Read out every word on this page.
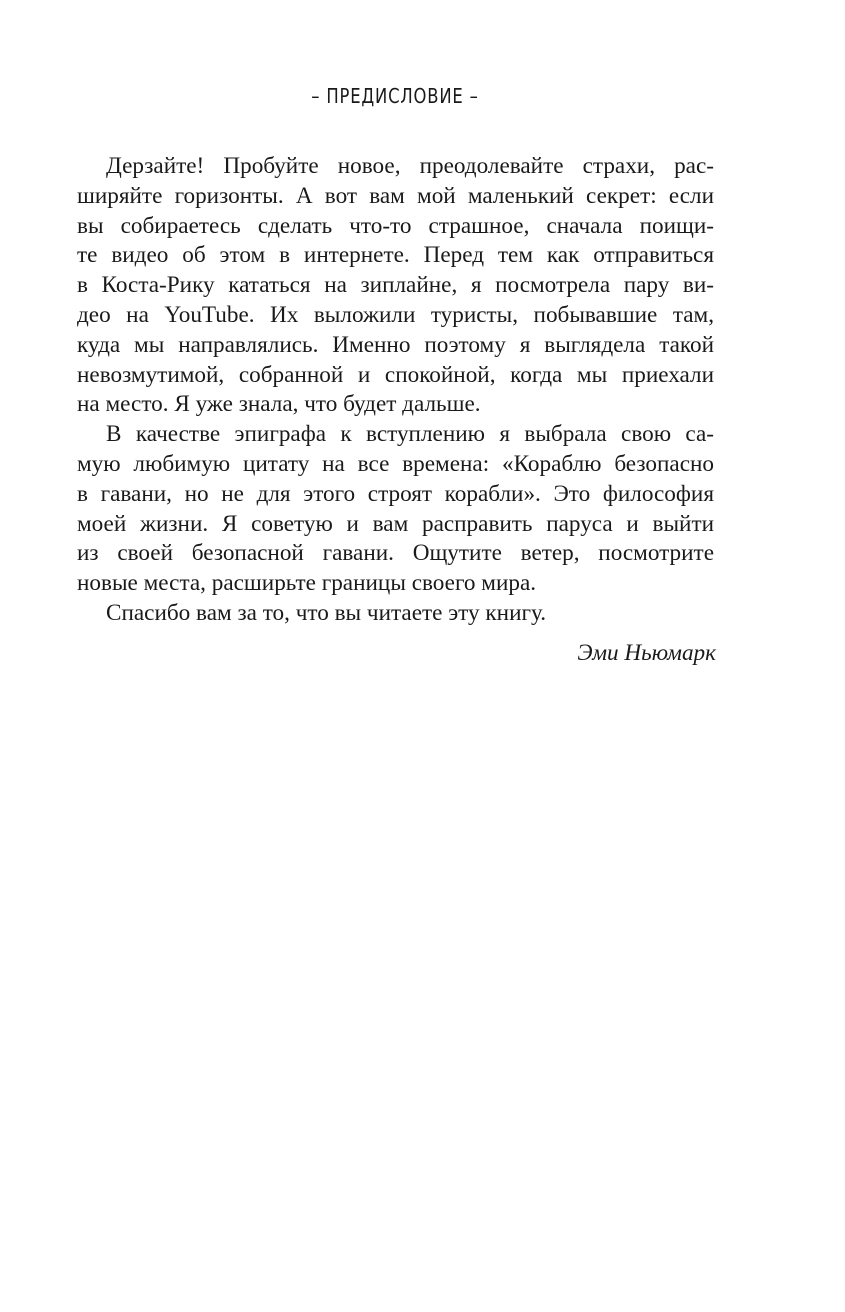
– ПРЕДИСЛОВИЕ –
Дерзайте! Пробуйте новое, преодолевайте страхи, рас-
ширяйте горизонты. А вот вам мой маленький секрет: если
вы собираетесь сделать что-то страшное, сначала поищи-
те видео об этом в интернете. Перед тем как отправиться
в Коста-Рику кататься на зиплайне, я посмотрела пару ви-
део на YouTube. Их выложили туристы, побывавшие там,
куда мы направлялись. Именно поэтому я выглядела такой
невозмутимой, собранной и спокойной, когда мы приехали
на место. Я уже знала, что будет дальше.
В качестве эпиграфа к вступлению я выбрала свою са-
мую любимую цитату на все времена: «Кораблю безопасно
в гавани, но не для этого строят корабли». Это философия
моей жизни. Я советую и вам расправить паруса и выйти
из своей безопасной гавани. Ощутите ветер, посмотрите
новые места, расширьте границы своего мира.
Спасибо вам за то, что вы читаете эту книгу.
Эми Ньюмарк
